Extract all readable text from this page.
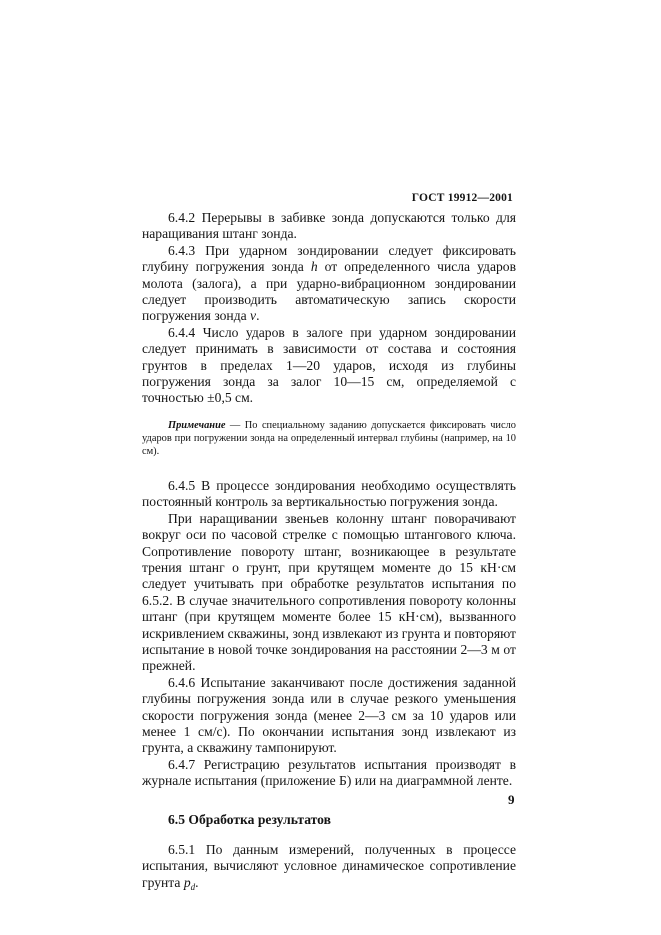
ГОСТ 19912—2001

6.4.2 Перерывы в забивке зонда допускаются только для наращивания штанг зонда.

6.4.3 При ударном зондировании следует фиксировать глубину погружения зонда h от определенного числа ударов молота (залога), а при ударно-вибрационном зондировании следует производить автоматическую запись скорости погружения зонда v.

6.4.4 Число ударов в залоге при ударном зондировании следует принимать в зависимости от состава и состояния грунтов в пределах 1—20 ударов, исходя из глубины погружения зонда за залог 10—15 см, определяемой с точностью ±0,5 см.

Примечание — По специальному заданию допускается фиксировать число ударов при погружении зонда на определенный интервал глубины (например, на 10 см).

6.4.5 В процессе зондирования необходимо осуществлять постоянный контроль за вертикальностью погружения зонда.

При наращивании звеньев колонну штанг поворачивают вокруг оси по часовой стрелке с помощью штангового ключа. Сопротивление повороту штанг, возникающее в результате трения штанг о грунт, при крутящем моменте до 15 кН·см следует учитывать при обработке результатов испытания по 6.5.2. В случае значительного сопротивления повороту колонны штанг (при крутящем моменте более 15 кН·см), вызванного искривлением скважины, зонд извлекают из грунта и повторяют испытание в новой точке зондирования на расстоянии 2—3 м от прежней.

6.4.6 Испытание заканчивают после достижения заданной глубины погружения зонда или в случае резкого уменьшения скорости погружения зонда (менее 2—3 см за 10 ударов или менее 1 см/с). По окончании испытания зонд извлекают из грунта, а скважину тампонируют.

6.4.7 Регистрацию результатов испытания производят в журнале испытания (приложение Б) или на диаграммной ленте.

6.5 Обработка результатов

6.5.1 По данным измерений, полученных в процессе испытания, вычисляют условное динамическое сопротивление грунта $p_d$.

9
